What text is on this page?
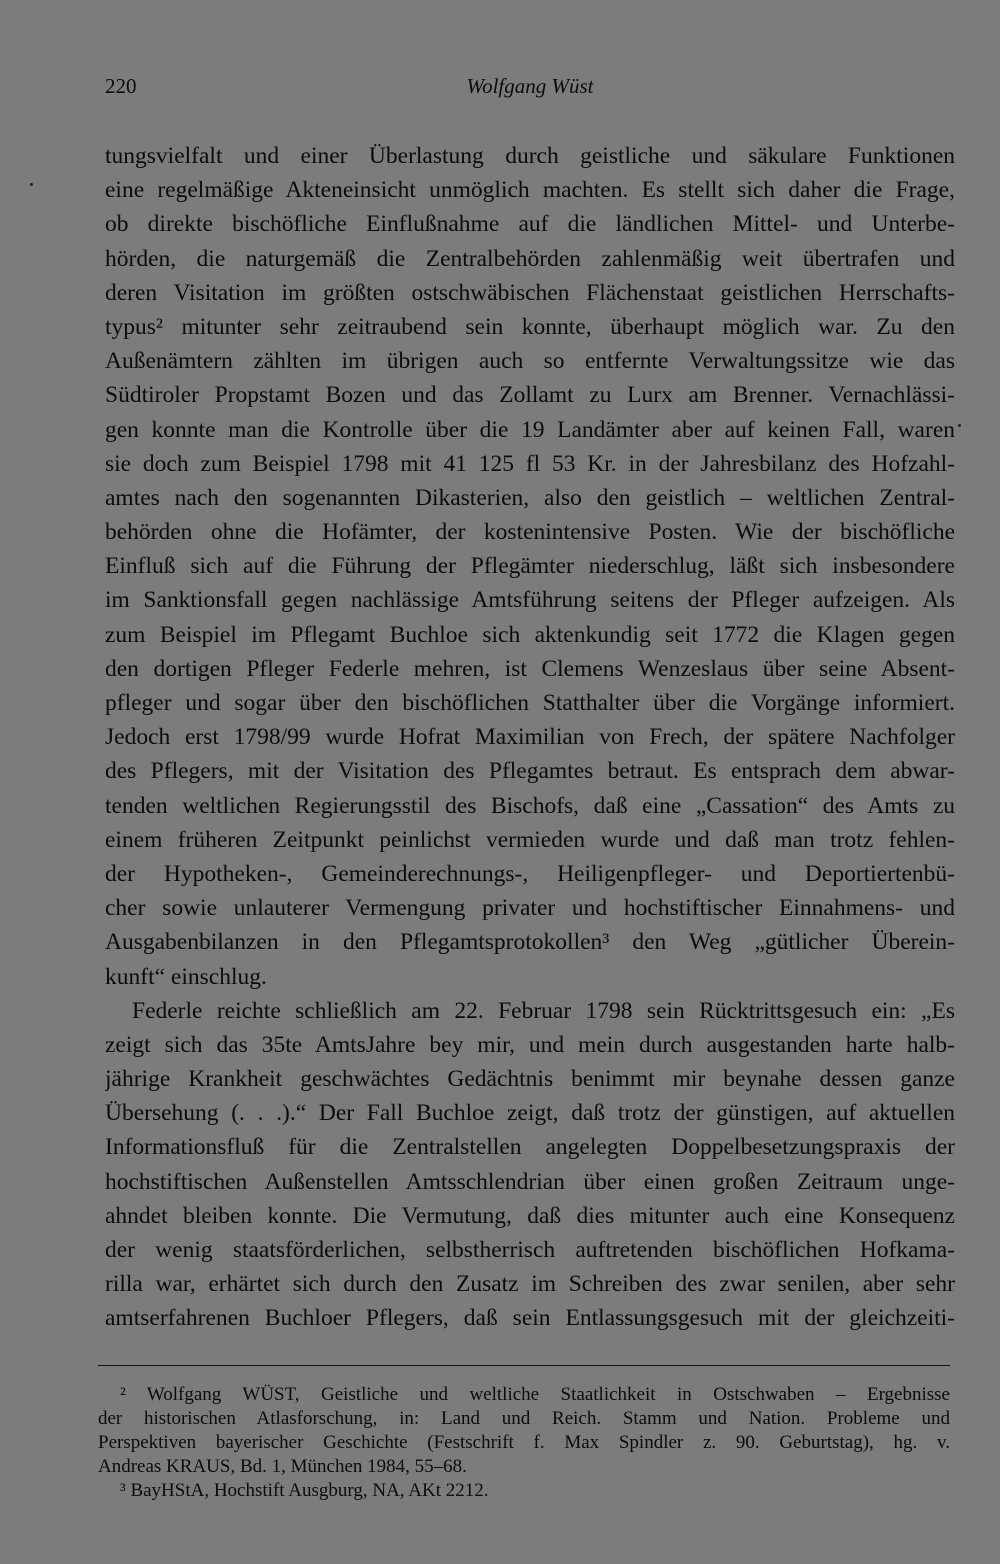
220	Wolfgang Wüst
tungsvielfalt und einer Überlastung durch geistliche und säkulare Funktionen
eine regelmäßige Akteneinsicht unmöglich machten. Es stellt sich daher die Frage,
ob direkte bischöfliche Einflußnahme auf die ländlichen Mittel- und Unterbe-
hörden, die naturgemäß die Zentralbehörden zahlenmäßig weit übertrafen und
deren Visitation im größten ostschwäbischen Flächenstaat geistlichen Herrschafts-
typus² mitunter sehr zeitraubend sein konnte, überhaupt möglich war. Zu den
Außenämtern zählten im übrigen auch so entfernte Verwaltungssitze wie das
Südtiroler Propstamt Bozen und das Zollamt zu Lurx am Brenner. Vernachlässi-
gen konnte man die Kontrolle über die 19 Landämter aber auf keinen Fall, waren
sie doch zum Beispiel 1798 mit 41 125 fl 53 Kr. in der Jahresbilanz des Hofzahl-
amtes nach den sogenannten Dikasterien, also den geistlich – weltlichen Zentral-
behörden ohne die Hofämter, der kostenintensive Posten. Wie der bischöfliche
Einfluß sich auf die Führung der Pflegämter niederschlug, läßt sich insbesondere
im Sanktionsfall gegen nachlässige Amtsführung seitens der Pfleger aufzeigen. Als
zum Beispiel im Pflegamt Buchloe sich aktenkundig seit 1772 die Klagen gegen
den dortigen Pfleger Federle mehren, ist Clemens Wenzeslaus über seine Absent-
pfleger und sogar über den bischöflichen Statthalter über die Vorgänge informiert.
Jedoch erst 1798/99 wurde Hofrat Maximilian von Frech, der spätere Nachfolger
des Pflegers, mit der Visitation des Pflegamtes betraut. Es entsprach dem abwar-
tenden weltlichen Regierungsstil des Bischofs, daß eine „Cassation“ des Amts zu
einem früheren Zeitpunkt peinlichst vermieden wurde und daß man trotz fehlen-
der Hypotheken-, Gemeinderechnungs-, Heiligenpfleger- und Deportiertenbü-
cher sowie unlauterer Vermengung privater und hochstiftischer Einnahmens- und
Ausgabenbilanzen in den Pflegamtsprotokollen³ den Weg „gütlicher Überein-
kunft“ einschlug.
Federle reichte schließlich am 22. Februar 1798 sein Rücktrittsgesuch ein: „Es
zeigt sich das 35te AmtsJahre bey mir, und mein durch ausgestanden harte halb-
jährige Krankheit geschwächtes Gedächtnis benimmt mir beynahe dessen ganze
Übersehung (. . .).“ Der Fall Buchloe zeigt, daß trotz der günstigen, auf aktuellen
Informationsfluß für die Zentralstellen angelegten Doppelbesetzungspraxis der
hochstiftischen Außenstellen Amtsschlendrian über einen großen Zeitraum unge-
ahndet bleiben konnte. Die Vermutung, daß dies mitunter auch eine Konsequenz
der wenig staatsförderlichen, selbstherrisch auftretenden bischöflichen Hofkama-
rilla war, erhärtet sich durch den Zusatz im Schreiben des zwar senilen, aber sehr
amtserfahrenen Buchloer Pflegers, daß sein Entlassungsgesuch mit der gleichzeiti-
² Wolfgang WÜST, Geistliche und weltliche Staatlichkeit in Ostschwaben – Ergebnisse
der historischen Atlasforschung, in: Land und Reich. Stamm und Nation. Probleme und
Perspektiven bayerischer Geschichte (Festschrift f. Max Spindler z. 90. Geburtstag), hg. v.
Andreas KRAUS, Bd. 1, München 1984, 55–68.
³ BayHStA, Hochstift Ausgburg, NA, AKt 2212.
